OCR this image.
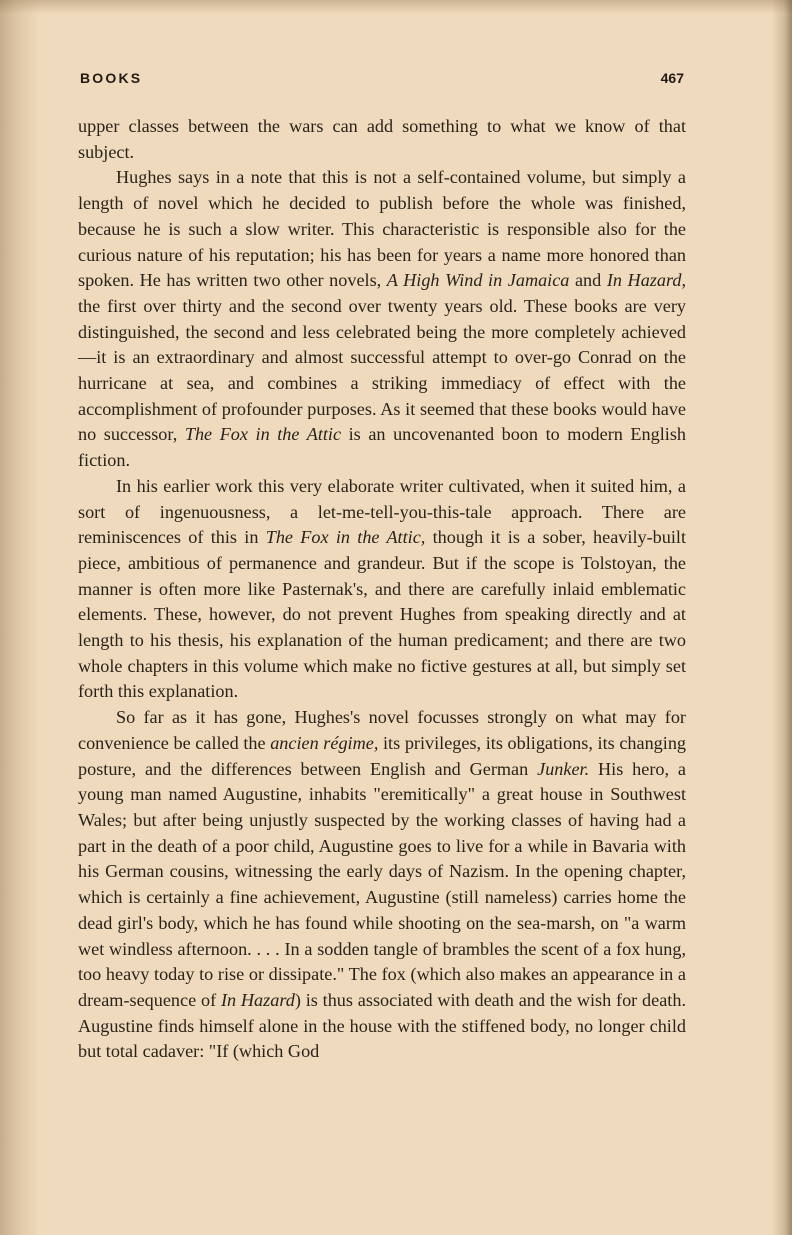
BOOKS	467

upper classes between the wars can add something to what we know of that subject.

Hughes says in a note that this is not a self-contained volume, but simply a length of novel which he decided to publish before the whole was finished, because he is such a slow writer. This characteristic is responsible also for the curious nature of his reputation; his has been for years a name more honored than spoken. He has written two other novels, A High Wind in Jamaica and In Hazard, the first over thirty and the second over twenty years old. These books are very distinguished, the second and less celebrated being the more completely achieved—it is an extraordinary and almost successful attempt to over-go Conrad on the hurricane at sea, and combines a striking immediacy of effect with the accomplishment of profounder purposes. As it seemed that these books would have no successor, The Fox in the Attic is an uncovenanted boon to modern English fiction.

In his earlier work this very elaborate writer cultivated, when it suited him, a sort of ingenuousness, a let-me-tell-you-this-tale approach. There are reminiscences of this in The Fox in the Attic, though it is a sober, heavily-built piece, ambitious of permanence and grandeur. But if the scope is Tolstoyan, the manner is often more like Pasternak's, and there are carefully inlaid emblematic elements. These, however, do not prevent Hughes from speaking directly and at length to his thesis, his explanation of the human predicament; and there are two whole chapters in this volume which make no fictive gestures at all, but simply set forth this explanation.

So far as it has gone, Hughes's novel focusses strongly on what may for convenience be called the ancien régime, its privileges, its obligations, its changing posture, and the differences between English and German Junker. His hero, a young man named Augustine, inhabits "eremitically" a great house in Southwest Wales; but after being unjustly suspected by the working classes of having had a part in the death of a poor child, Augustine goes to live for a while in Bavaria with his German cousins, witnessing the early days of Nazism. In the opening chapter, which is certainly a fine achievement, Augustine (still nameless) carries home the dead girl's body, which he has found while shooting on the sea-marsh, on "a warm wet windless afternoon. . . . In a sodden tangle of brambles the scent of a fox hung, too heavy today to rise or dissipate." The fox (which also makes an appearance in a dream-sequence of In Hazard) is thus associated with death and the wish for death. Augustine finds himself alone in the house with the stiffened body, no longer child but total cadaver: "If (which God
